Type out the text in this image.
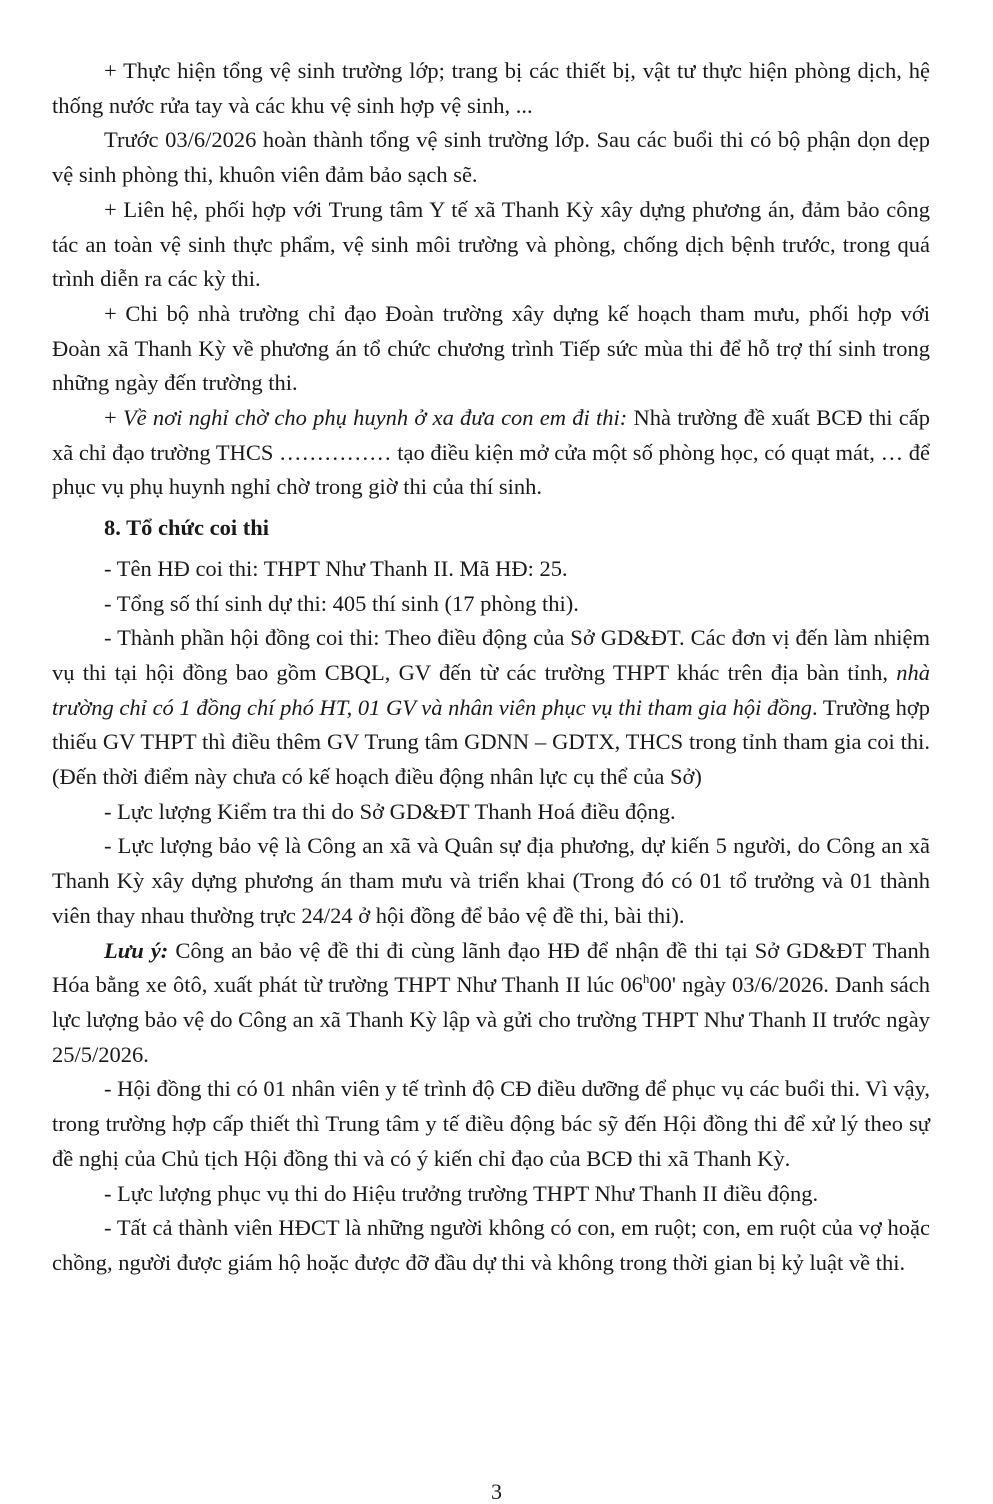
+ Thực hiện tổng vệ sinh trường lớp; trang bị các thiết bị, vật tư thực hiện phòng dịch, hệ thống nước rửa tay và các khu vệ sinh hợp vệ sinh, ...

Trước 03/6/2026 hoàn thành tổng vệ sinh trường lớp. Sau các buổi thi có bộ phận dọn dẹp vệ sinh phòng thi, khuôn viên đảm bảo sạch sẽ.

+ Liên hệ, phối hợp với Trung tâm Y tế xã Thanh Kỳ xây dựng phương án, đảm bảo công tác an toàn vệ sinh thực phẩm, vệ sinh môi trường và phòng, chống dịch bệnh trước, trong quá trình diễn ra các kỳ thi.

+ Chi bộ nhà trường chỉ đạo Đoàn trường xây dựng kế hoạch tham mưu, phối hợp với Đoàn xã Thanh Kỳ về phương án tổ chức chương trình Tiếp sức mùa thi để hỗ trợ thí sinh trong những ngày đến trường thi.

+ Về nơi nghỉ chờ cho phụ huynh ở xa đưa con em đi thi: Nhà trường đề xuất BCĐ thi cấp xã chỉ đạo trường THCS …………… tạo điều kiện mở cửa một số phòng học, có quạt mát, … để phục vụ phụ huynh nghỉ chờ trong giờ thi của thí sinh.

8. Tổ chức coi thi

- Tên HĐ coi thi: THPT Như Thanh II. Mã HĐ: 25.

- Tổng số thí sinh dự thi: 405 thí sinh (17 phòng thi).

- Thành phần hội đồng coi thi: Theo điều động của Sở GD&ĐT. Các đơn vị đến làm nhiệm vụ thi tại hội đồng bao gồm CBQL, GV đến từ các trường THPT khác trên địa bàn tỉnh, nhà trường chỉ có 1 đồng chí phó HT, 01 GV và nhân viên phục vụ thi tham gia hội đồng. Trường hợp thiếu GV THPT thì điều thêm GV Trung tâm GDNN – GDTX, THCS trong tỉnh tham gia coi thi. (Đến thời điểm này chưa có kế hoạch điều động nhân lực cụ thể của Sở)

- Lực lượng Kiểm tra thi do Sở GD&ĐT Thanh Hoá điều động.

- Lực lượng bảo vệ là Công an xã và Quân sự địa phương, dự kiến 5 người, do Công an xã Thanh Kỳ xây dựng phương án tham mưu và triển khai (Trong đó có 01 tổ trưởng và 01 thành viên thay nhau thường trực 24/24 ở hội đồng để bảo vệ đề thi, bài thi).

Lưu ý: Công an bảo vệ đề thi đi cùng lãnh đạo HĐ để nhận đề thi tại Sở GD&ĐT Thanh Hóa bằng xe ôtô, xuất phát từ trường THPT Như Thanh II lúc 06$^h$00' ngày 03/6/2026. Danh sách lực lượng bảo vệ do Công an xã Thanh Kỳ lập và gửi cho trường THPT Như Thanh II trước ngày 25/5/2026.

- Hội đồng thi có 01 nhân viên y tế trình độ CĐ điều dưỡng để phục vụ các buổi thi. Vì vậy, trong trường hợp cấp thiết thì Trung tâm y tế điều động bác sỹ đến Hội đồng thi để xử lý theo sự đề nghị của Chủ tịch Hội đồng thi và có ý kiến chỉ đạo của BCĐ thi xã Thanh Kỳ.

- Lực lượng phục vụ thi do Hiệu trưởng trường THPT Như Thanh II điều động.

- Tất cả thành viên HĐCT là những người không có con, em ruột; con, em ruột của vợ hoặc chồng, người được giám hộ hoặc được đỡ đầu dự thi và không trong thời gian bị kỷ luật về thi.

3
